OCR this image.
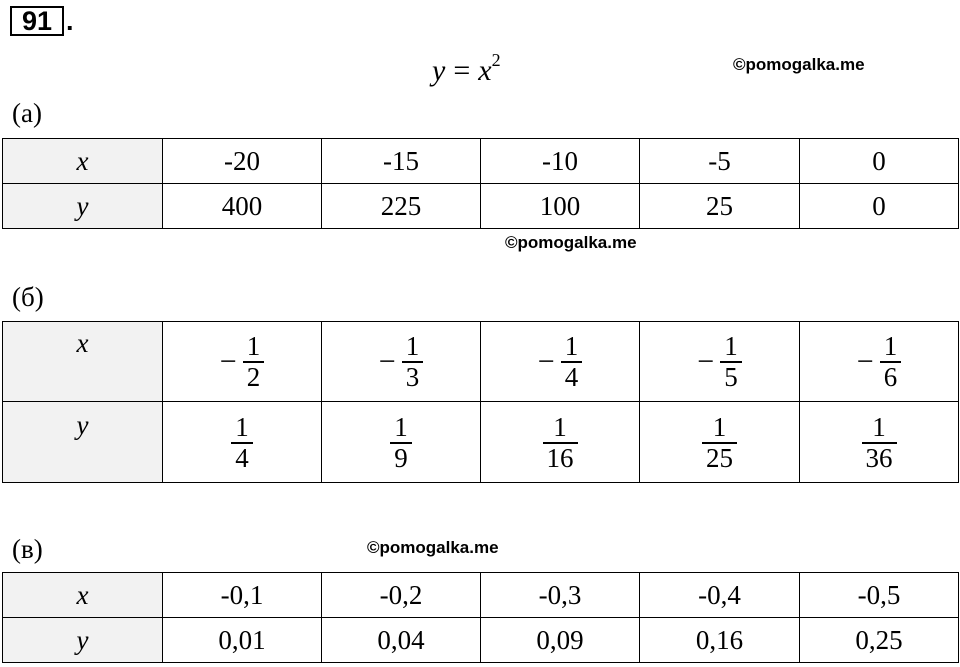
91 .
$y = x^2$	©pomogalka.me
©pomogalka.me
©pomogalka.me
(а)
x	-20	-15	-10	-5	0
y	400	225	100	25	0
(б)
x	− $\frac{1}{2}$	− $\frac{1}{3}$	− $\frac{1}{4}$	− $\frac{1}{5}$	− $\frac{1}{6}$

y	$\frac{1}{4}$	$\frac{1}{9}$	$\frac{1}{16}$	$\frac{1}{25}$	$\frac{1}{36}$
(в)
x	-0,1	-0,2	-0,3	-0,4	-0,5
y	0,01	0,04	0,09	0,16	0,25
